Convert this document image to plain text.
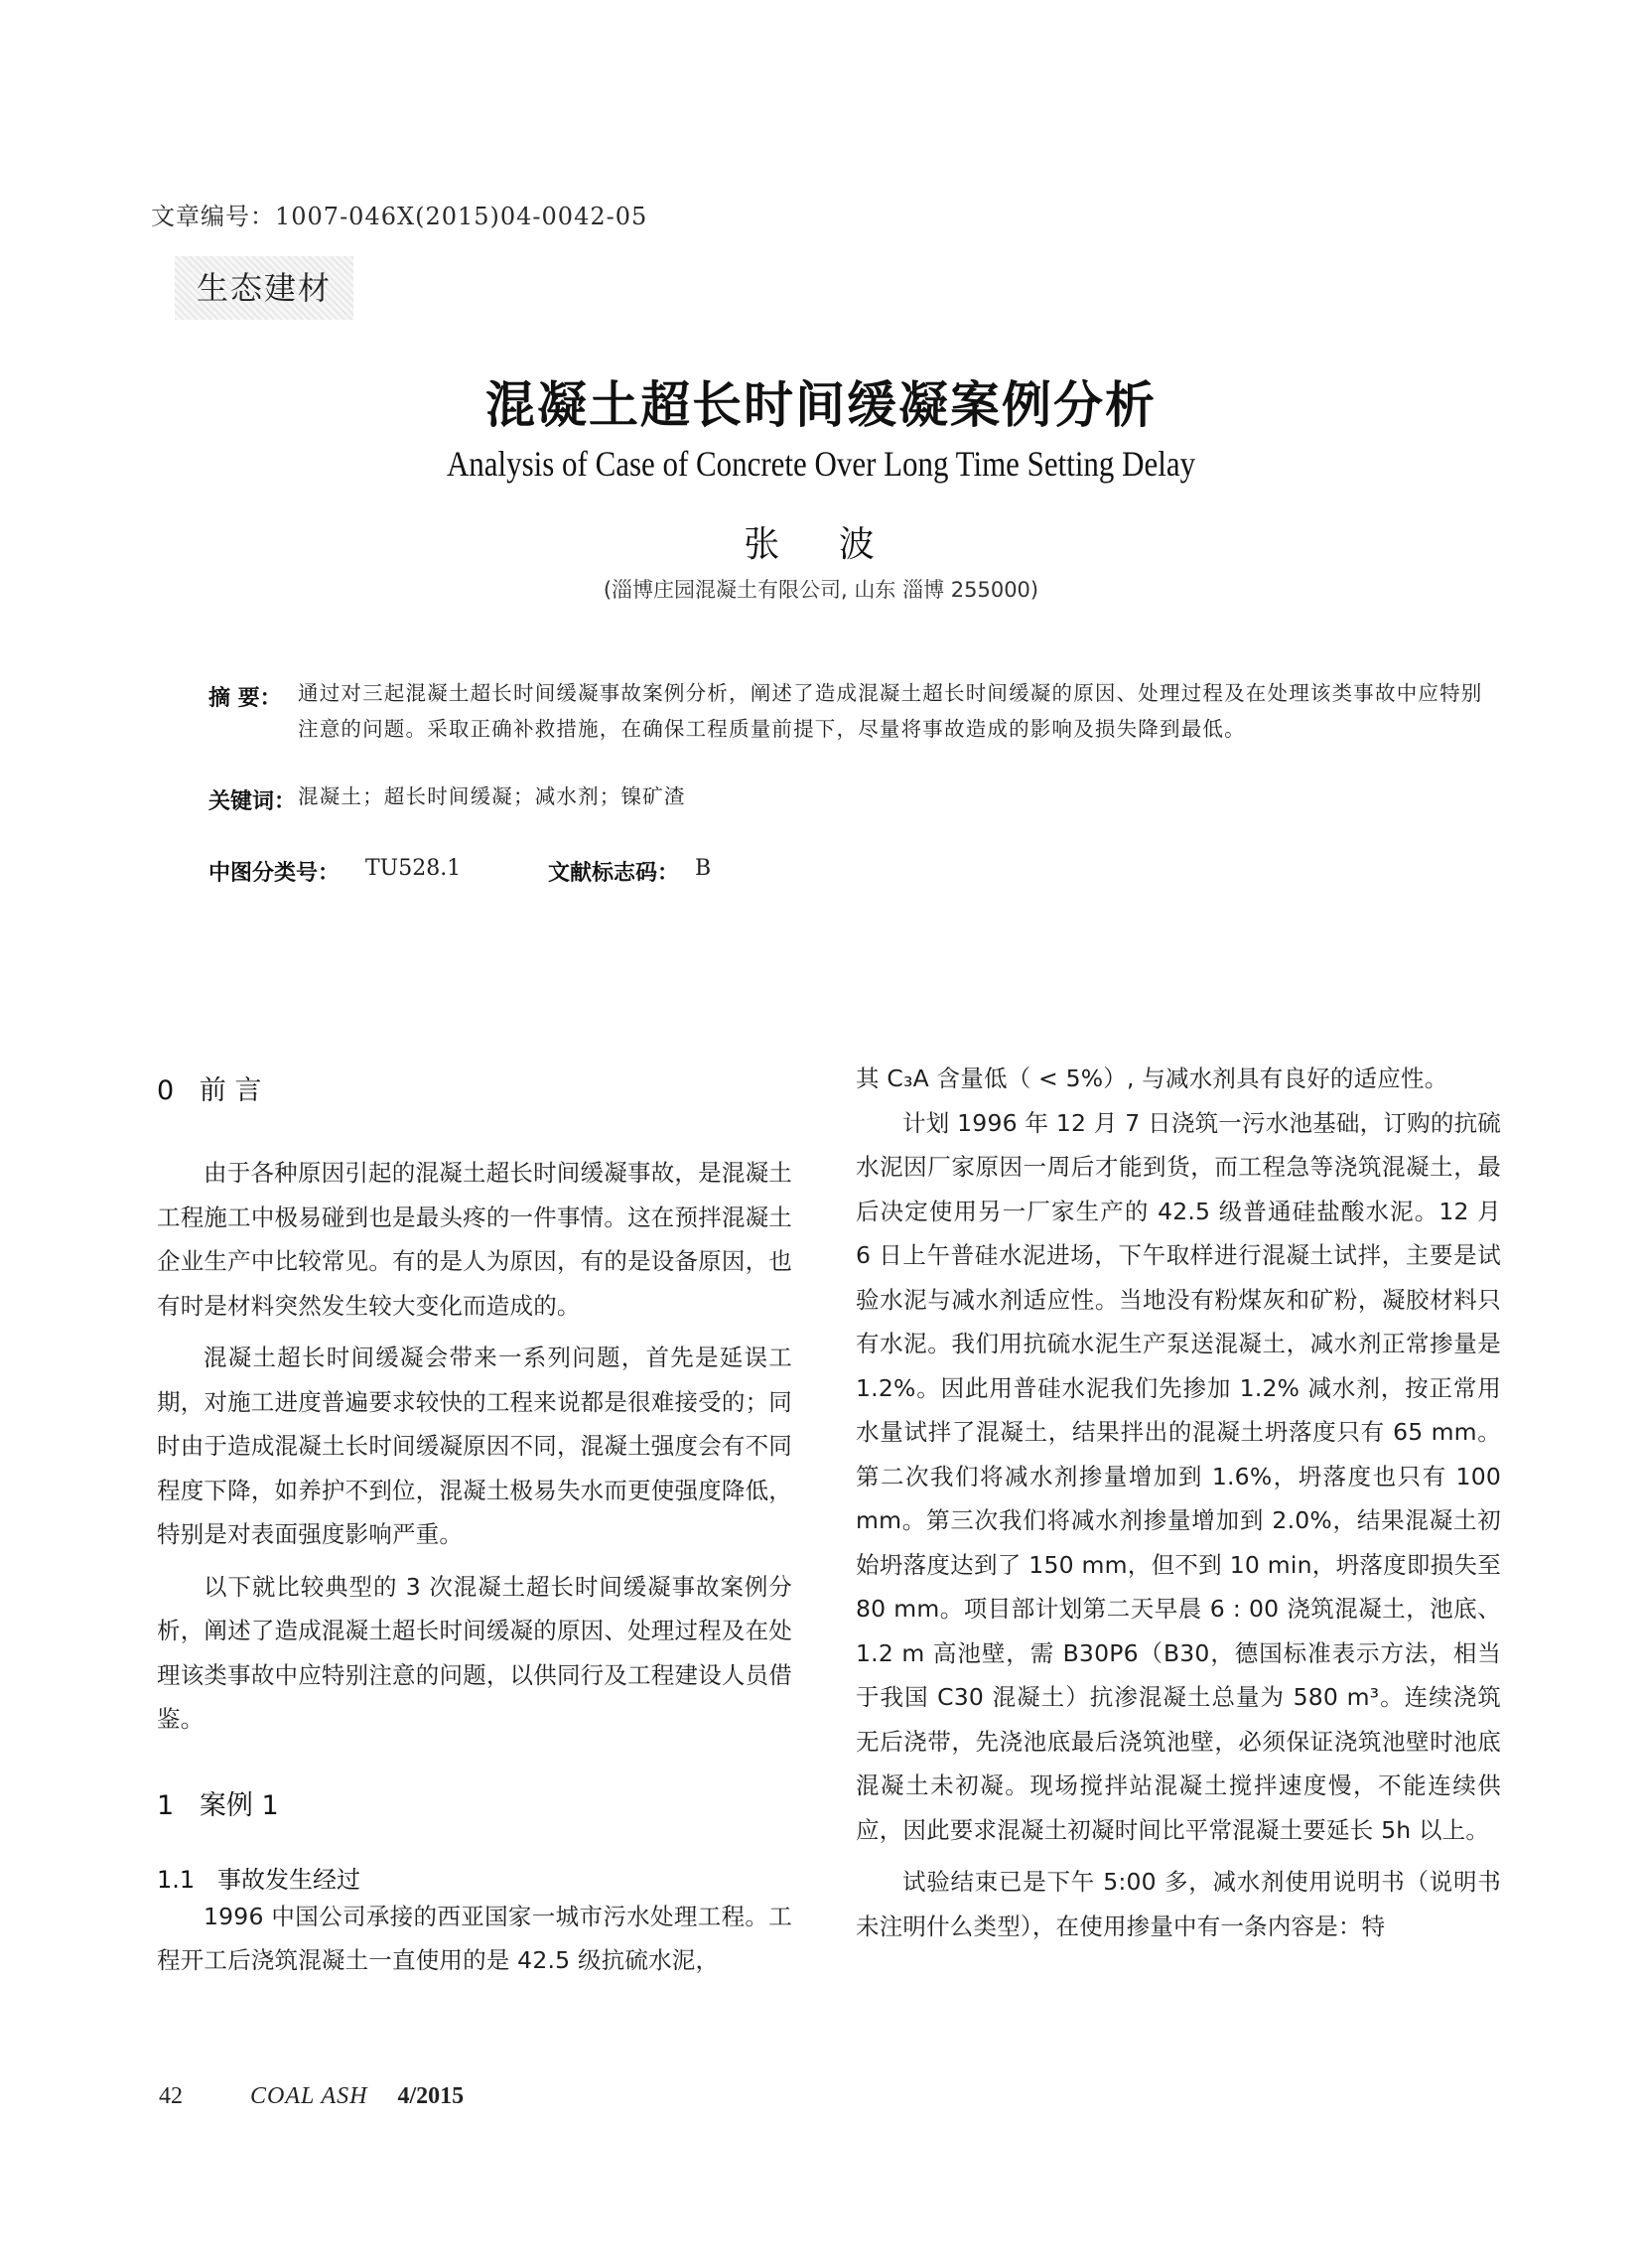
文章编号：1007-046X(2015)04-0042-05
生态建材
混凝土超长时间缓凝案例分析
Analysis of Case of Concrete Over Long Time Setting Delay
张 波
(淄博庄园混凝土有限公司, 山东 淄博 255000)
摘 要： 通过对三起混凝土超长时间缓凝事故案例分析，阐述了造成混凝土超长时间缓凝的原因、处理过程及在处理该类事故中应特别注意的问题。采取正确补救措施，在确保工程质量前提下，尽量将事故造成的影响及损失降到最低。
关键词： 混凝土；超长时间缓凝；减水剂；镍矿渣
中图分类号： TU528.1	文献标志码： B
0   前 言

由于各种原因引起的混凝土超长时间缓凝事故，是混凝土工程施工中极易碰到也是最头疼的一件事情。这在预拌混凝土企业生产中比较常见。有的是人为原因，有的是设备原因，也有时是材料突然发生较大变化而造成的。

混凝土超长时间缓凝会带来一系列问题，首先是延误工期，对施工进度普遍要求较快的工程来说都是很难接受的；同时由于造成混凝土长时间缓凝原因不同，混凝土强度会有不同程度下降，如养护不到位，混凝土极易失水而更使强度降低，特别是对表面强度影响严重。

以下就比较典型的 3 次混凝土超长时间缓凝事故案例分析，阐述了造成混凝土超长时间缓凝的原因、处理过程及在处理该类事故中应特别注意的问题，以供同行及工程建设人员借鉴。

1   案例 1
1.1   事故发生经过

1996 中国公司承接的西亚国家一城市污水处理工程。工程开工后浇筑混凝土一直使用的是 42.5 级抗硫水泥，

其 C₃A 含量低（ < 5%）, 与减水剂具有良好的适应性。

计划 1996 年 12 月 7 日浇筑一污水池基础，订购的抗硫水泥因厂家原因一周后才能到货，而工程急等浇筑混凝土，最后决定使用另一厂家生产的 42.5 级普通硅盐酸水泥。12 月 6 日上午普硅水泥进场，下午取样进行混凝土试拌，主要是试验水泥与减水剂适应性。当地没有粉煤灰和矿粉，凝胶材料只有水泥。我们用抗硫水泥生产泵送混凝土，减水剂正常掺量是 1.2%。因此用普硅水泥我们先掺加 1.2% 减水剂，按正常用水量试拌了混凝土，结果拌出的混凝土坍落度只有 65 mm。第二次我们将减水剂掺量增加到 1.6%，坍落度也只有 100 mm。第三次我们将减水剂掺量增加到 2.0%，结果混凝土初始坍落度达到了 150 mm，但不到 10 min，坍落度即损失至 80 mm。项目部计划第二天早晨 6 : 00 浇筑混凝土，池底、1.2 m 高池壁，需 B30P6（B30，德国标准表示方法，相当于我国 C30 混凝土）抗渗混凝土总量为 580 m³。连续浇筑无后浇带，先浇池底最后浇筑池壁，必须保证浇筑池壁时池底混凝土未初凝。现场搅拌站混凝土搅拌速度慢，不能连续供应，因此要求混凝土初凝时间比平常混凝土要延长 5h 以上。

试验结束已是下午 5:00 多，减水剂使用说明书（说明书未注明什么类型），在使用掺量中有一条内容是：特

42	COAL ASH 4/2015
